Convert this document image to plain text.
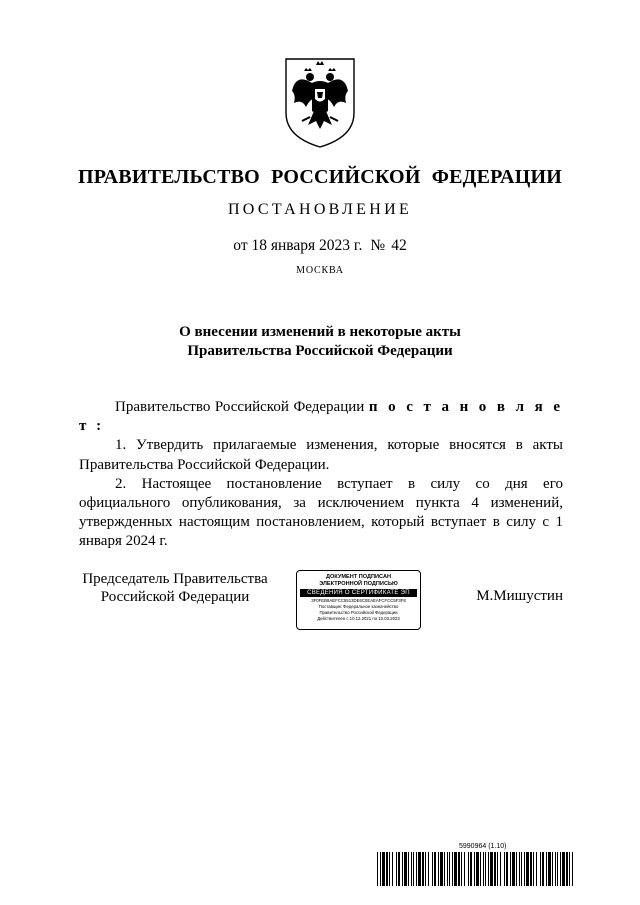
ПРАВИТЕЛЬСТВО РОССИЙСКОЙ ФЕДЕРАЦИИ
ПОСТАНОВЛЕНИЕ
от 18 января 2023 г. № 42
МОСКВА
О внесении изменений в некоторые акты
Правительства Российской Федерации

Правительство Российской Федерации п о с т а н о в л я е т :

1. Утвердить прилагаемые изменения, которые вносятся в акты Правительства Российской Федерации.

2. Настоящее постановление вступает в силу со дня его официального опубликования, за исключением пункта 4 изменений, утвержденных настоящим постановлением, который вступает в силу с 1 января 2024 г.

Председатель Правительства
Российской Федерации
ДОКУМЕНТ ПОДПИСАН
ЭЛЕКТРОННОЙ ПОДПИСЬЮ
СВЕДЕНИЯ О СЕРТИФИКАТЕ ЭП
3F0FEB8AEFCC5513DE6C0EAEAFCFCC5F3F8
Поставщик: Федеральное казначейство
Правительство Российской Федерации
Действителен с 10.12.2021 по 10.03.2023
М.Мишустин
5990964 (1.10)
